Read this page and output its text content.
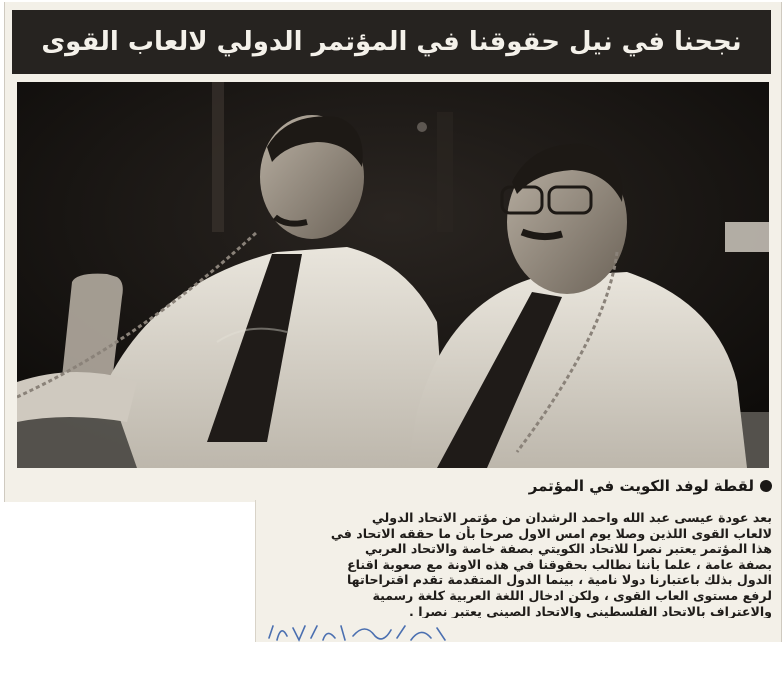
نجحنا في نيل حقوقنا في المؤتمر الدولي لالعاب القوى
لقطة لوفد الكويت في المؤتمر
بعد عودة عيسى عبد الله واحمد الرشدان من مؤتمر الاتحاد الدولي
لالعاب القوى اللذين وصلا يوم امس الاول صرحا بأن ما حققه الاتحاد في
هذا المؤتمر يعتبر نصرا للاتحاد الكويتي بصفة خاصة والاتحاد العربي
بصفة عامة ، علما بأننا نطالب بحقوقنا في هذه الاونة مع صعوبة اقناع
الدول بذلك باعتبارنا دولا نامية ، بينما الدول المتقدمة تقدم اقتراحاتها
لرفع مستوى العاب القوى ، ولكن ادخال اللغة العربية كلغة رسمية
والاعتراف بالاتحاد الفلسطيني والاتحاد الصيني يعتبر نصرا .
